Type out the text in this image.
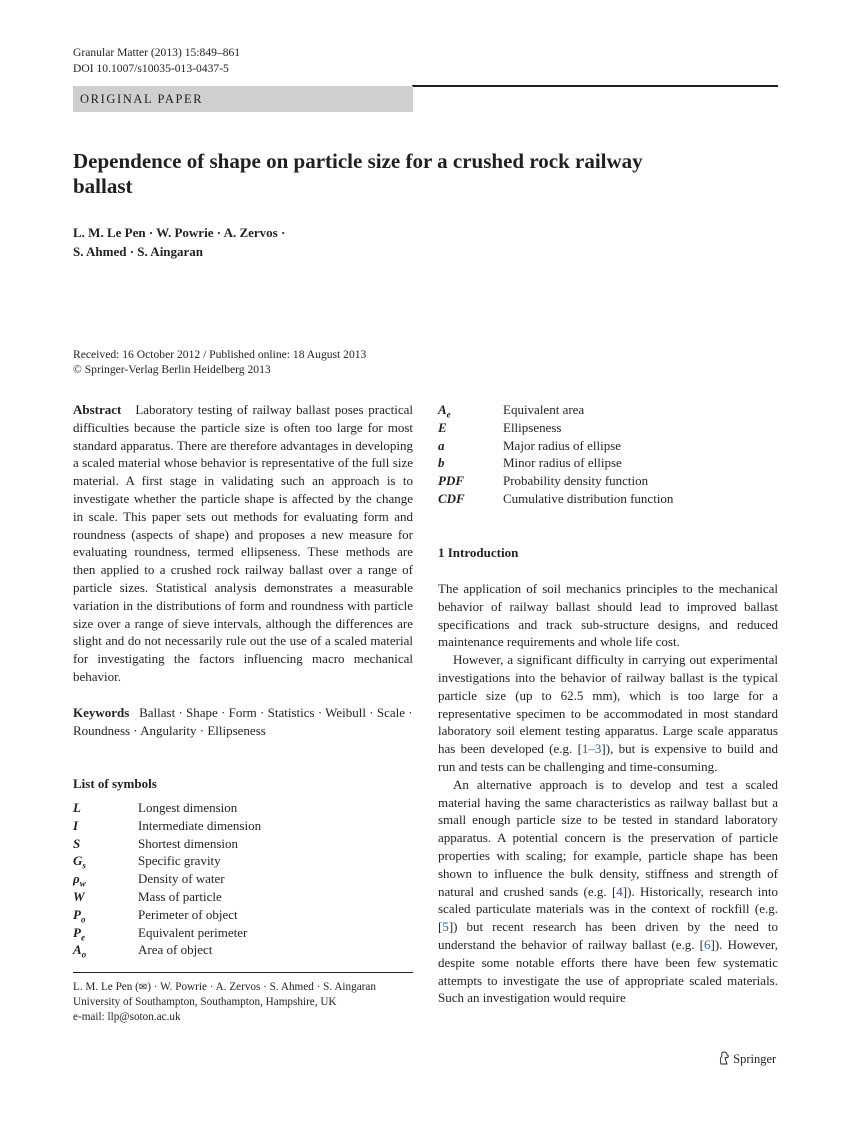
Granular Matter (2013) 15:849–861
DOI 10.1007/s10035-013-0437-5
ORIGINAL PAPER
Dependence of shape on particle size for a crushed rock railway ballast
L. M. Le Pen · W. Powrie · A. Zervos ·
S. Ahmed · S. Aingaran
Received: 16 October 2012 / Published online: 18 August 2013
© Springer-Verlag Berlin Heidelberg 2013

Abstract Laboratory testing of railway ballast poses practical difficulties because the particle size is often too large for most standard apparatus. There are therefore advantages in developing a scaled material whose behavior is representative of the full size material. A first stage in validating such an approach is to investigate whether the particle shape is affected by the change in scale. This paper sets out methods for evaluating form and roundness (aspects of shape) and proposes a new measure for evaluating roundness, termed ellipseness. These methods are then applied to a crushed rock railway ballast over a range of particle sizes. Statistical analysis demonstrates a measurable variation in the distributions of form and roundness with particle size over a range of sieve intervals, although the differences are slight and do not necessarily rule out the use of a scaled material for investigating the factors influencing macro mechanical behavior.

Keywords Ballast · Shape · Form · Statistics · Weibull · Scale · Roundness · Angularity · Ellipseness

List of symbols
L	Longest dimension
I	Intermediate dimension
S	Shortest dimension
$G_s$	Specific gravity
$\rho_w$	Density of water
W	Mass of particle
$P_o$	Perimeter of object
$P_e$	Equivalent perimeter
$A_o$	Area of object
L. M. Le Pen (✉) · W. Powrie · A. Zervos · S. Ahmed · S. Aingaran
University of Southampton, Southampton, Hampshire, UK
e-mail: llp@soton.ac.uk
$A_e$	Equivalent area
E	Ellipseness
a	Major radius of ellipse
b	Minor radius of ellipse
PDF	Probability density function
CDF	Cumulative distribution function
1 Introduction

The application of soil mechanics principles to the mechanical behavior of railway ballast should lead to improved ballast specifications and track sub-structure designs, and reduced maintenance requirements and whole life cost.

However, a significant difficulty in carrying out experimental investigations into the behavior of railway ballast is the typical particle size (up to 62.5 mm), which is too large for a representative specimen to be accommodated in most standard laboratory soil element testing apparatus. Large scale apparatus has been developed (e.g. [1–3]), but is expensive to build and run and tests can be challenging and time-consuming.

An alternative approach is to develop and test a scaled material having the same characteristics as railway ballast but a small enough particle size to be tested in standard laboratory apparatus. A potential concern is the preservation of particle properties with scaling; for example, particle shape has been shown to influence the bulk density, stiffness and strength of natural and crushed sands (e.g. [4]). Historically, research into scaled particulate materials was in the context of rockfill (e.g. [5]) but recent research has been driven by the need to understand the behavior of railway ballast (e.g. [6]). However, despite some notable efforts there have been few systematic attempts to investigate the use of appropriate scaled materials. Such an investigation would require

Springer
